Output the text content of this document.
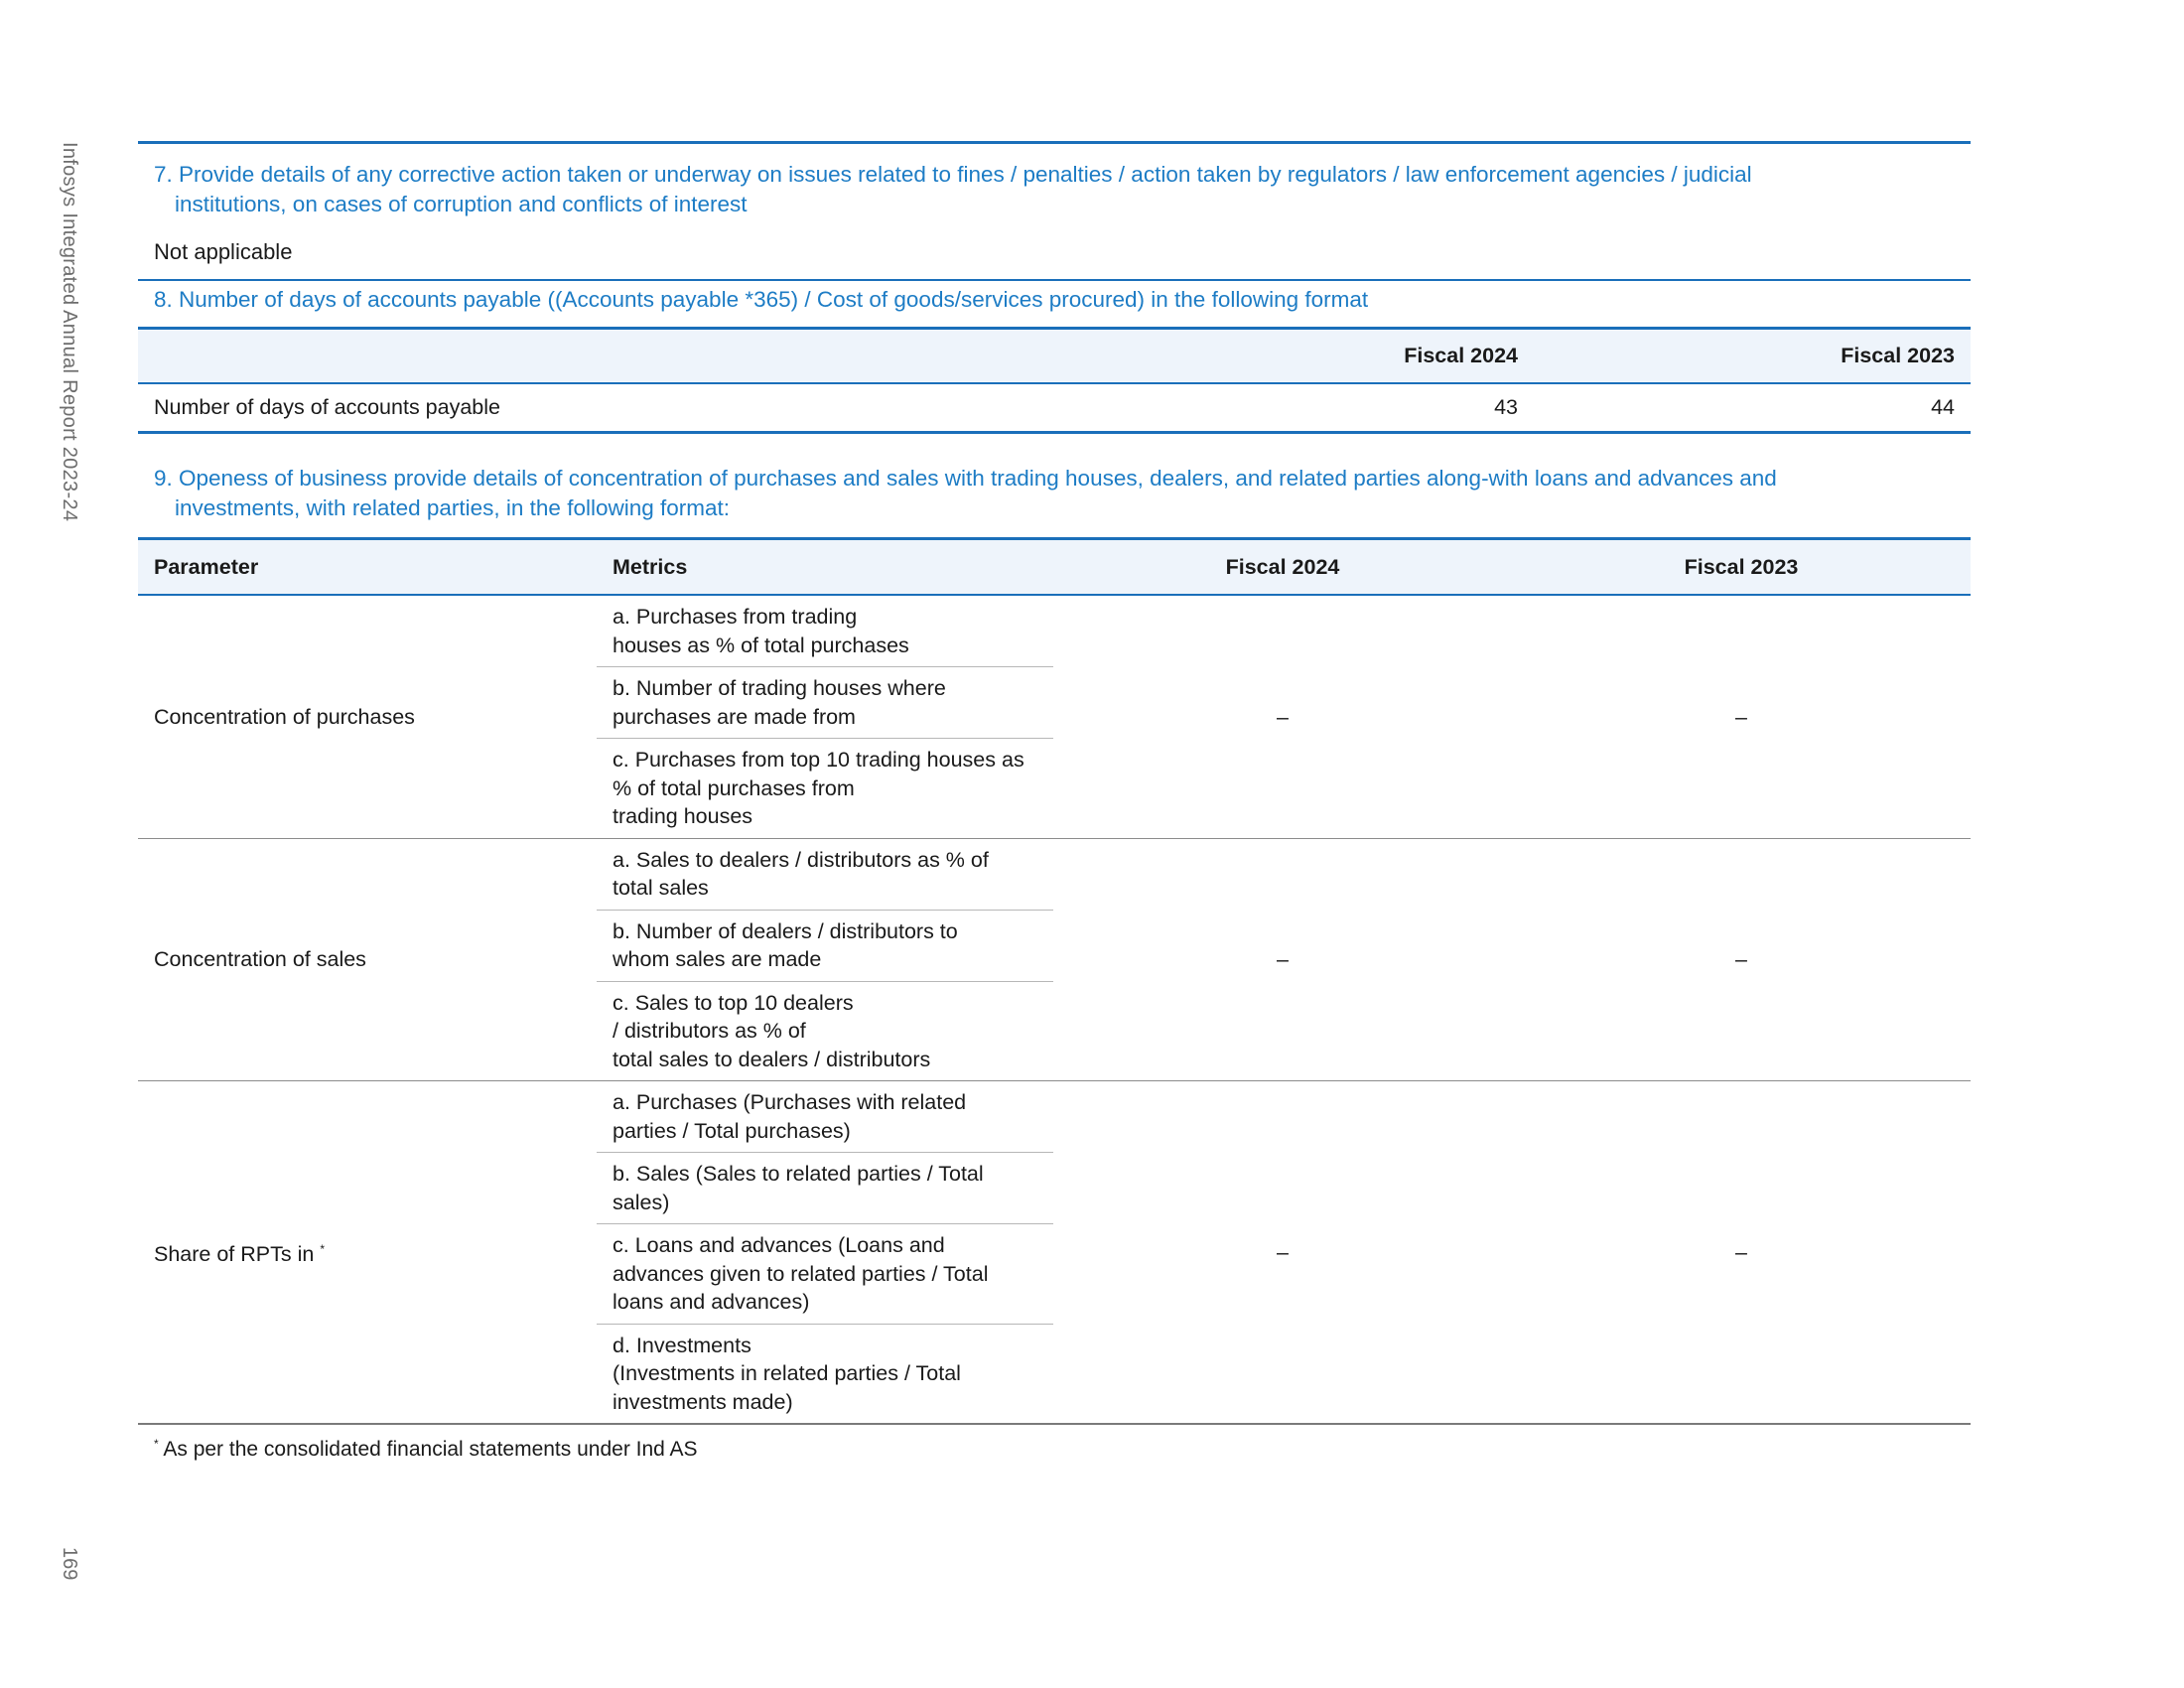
Infosys Integrated Annual Report 2023-24
169
7. Provide details of any corrective action taken or underway on issues related to fines / penalties / action taken by regulators / law enforcement agencies / judicial
institutions, on cases of corruption and conflicts of interest
Not applicable
8. Number of days of accounts payable ((Accounts payable *365) / Cost of goods/services procured) in the following format
	Fiscal 2024	Fiscal 2023
Number of days of accounts payable	43	44
9. Openess of business provide details of concentration of purchases and sales with trading houses, dealers, and related parties along-with loans and advances and
investments, with related parties, in the following format:
Parameter	Metrics	Fiscal 2024	Fiscal 2023
Concentration of purchases	a. Purchases from trading
houses as % of total purchases	–	–

	b. Number of trading houses where
purchases are made from		

	c. Purchases from top 10 trading houses as
% of total purchases from
trading houses		

Concentration of sales	a. Sales to dealers / distributors as % of
total sales	–	–

	b. Number of dealers / distributors to
whom sales are made		

	c. Sales to top 10 dealers
/ distributors as % of
total sales to dealers / distributors		

Share of RPTs in *	a. Purchases (Purchases with related
parties / Total purchases)	–	–

	b. Sales (Sales to related parties / Total
sales)		

	c. Loans and advances (Loans and
advances given to related parties / Total
loans and advances)		

	d. Investments
(Investments in related parties / Total
investments made)		
* As per the consolidated financial statements under Ind AS
